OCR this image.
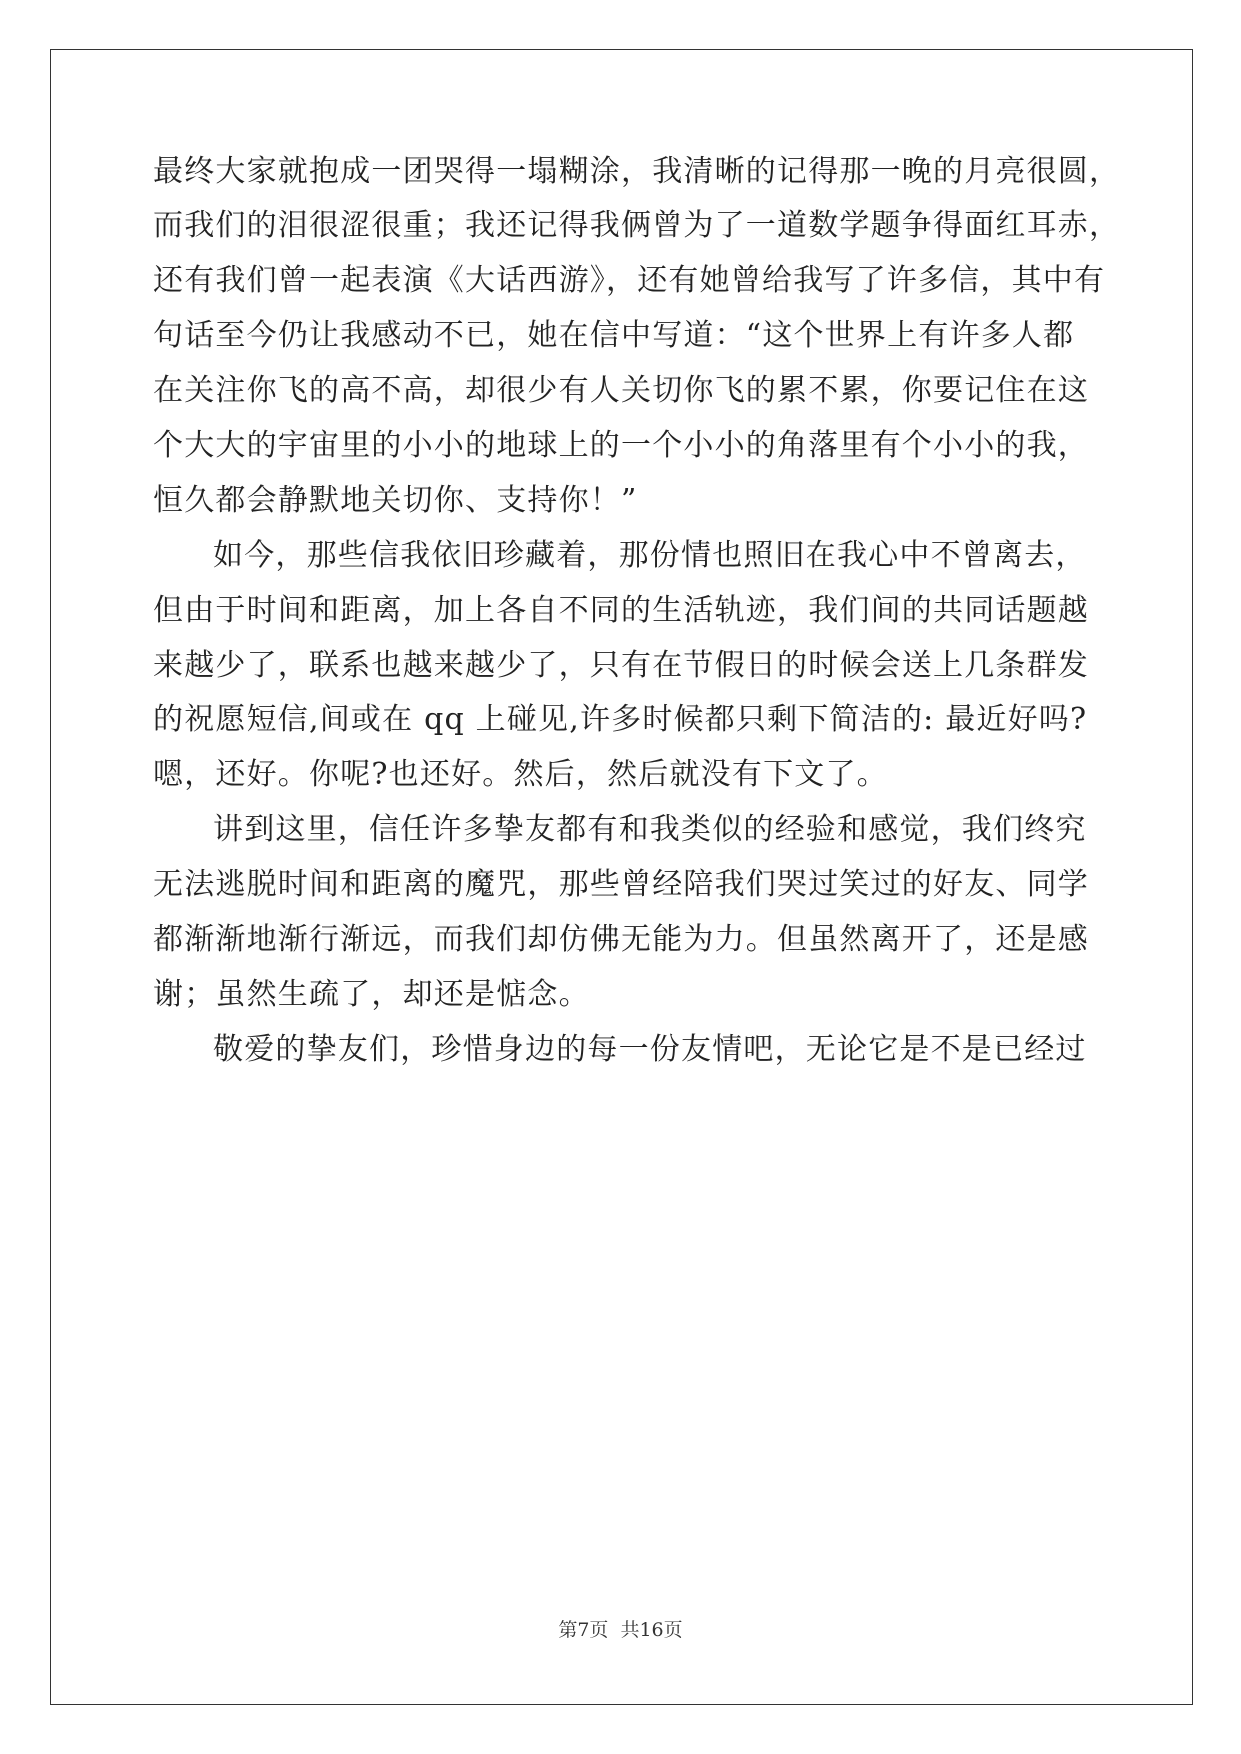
最终大家就抱成一团哭得一塌糊涂，我清晰的记得那一晚的月亮很圆，
而我们的泪很涩很重；我还记得我俩曾为了一道数学题争得面红耳赤，
还有我们曾一起表演《大话西游》，还有她曾给我写了许多信，其中有
句话至今仍让我感动不已，她在信中写道：“这个世界上有许多人都
在关注你飞的高不高，却很少有人关切你飞的累不累，你要记住在这
个大大的宇宙里的小小的地球上的一个小小的角落里有个小小的我，
恒久都会静默地关切你、支持你！”
如今，那些信我依旧珍藏着，那份情也照旧在我心中不曾离去，
但由于时间和距离，加上各自不同的生活轨迹，我们间的共同话题越
来越少了，联系也越来越少了，只有在节假日的时候会送上几条群发
的祝愿短信,间或在 qq 上碰见,许多时候都只剩下简洁的: 最近好吗?
嗯，还好。你呢?也还好。然后，然后就没有下文了。
讲到这里，信任许多挚友都有和我类似的经验和感觉，我们终究
无法逃脱时间和距离的魔咒，那些曾经陪我们哭过笑过的好友、同学
都渐渐地渐行渐远，而我们却仿佛无能为力。但虽然离开了，还是感
谢；虽然生疏了，却还是惦念。
敬爱的挚友们，珍惜身边的每一份友情吧，无论它是不是已经过
第7页 共16页
